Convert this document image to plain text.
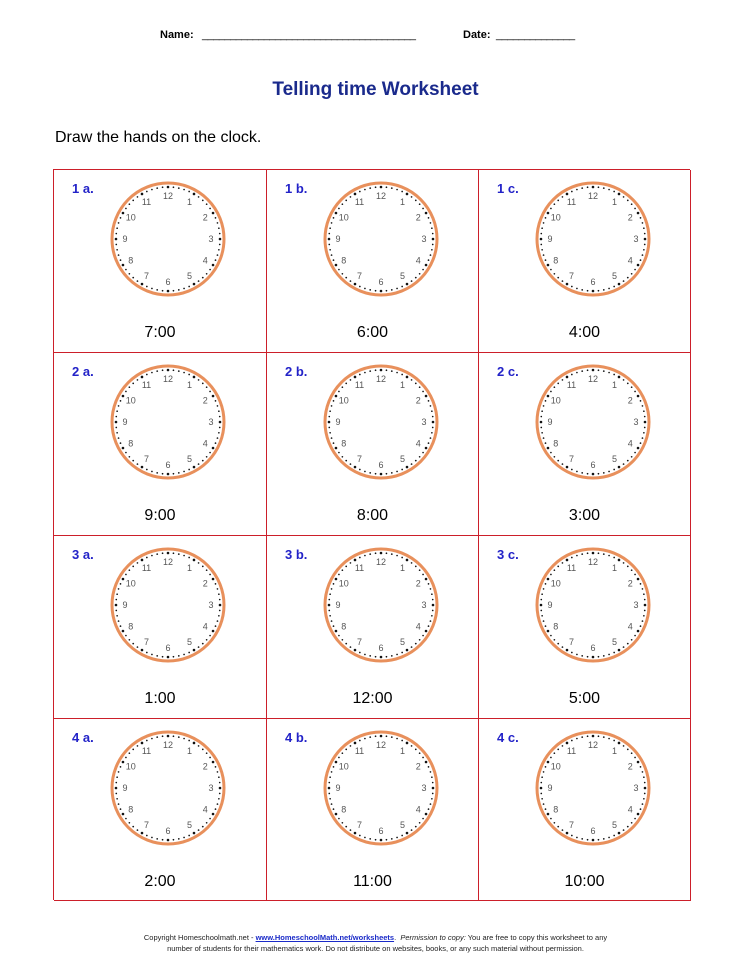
Name: ______________________________________	Date: ______________
Telling time Worksheet
Draw the hands on the clock.
1 a.	12
1
2
3
4
5
6
7
8
9
10
11
7:00
1 b.	12
1
2
3
4
5
6
7
8
9
10
11
6:00
1 c.	12
1
2
3
4
5
6
7
8
9
10
11
4:00
2 a.	12
1
2
3
4
5
6
7
8
9
10
11
9:00
2 b.	12
1
2
3
4
5
6
7
8
9
10
11
8:00
2 c.	12
1
2
3
4
5
6
7
8
9
10
11
3:00
3 a.	12
1
2
3
4
5
6
7
8
9
10
11
1:00
3 b.	12
1
2
3
4
5
6
7
8
9
10
11
12:00
3 c.	12
1
2
3
4
5
6
7
8
9
10
11
5:00
4 a.	12
1
2
3
4
5
6
7
8
9
10
11
2:00
4 b.	12
1
2
3
4
5
6
7
8
9
10
11
11:00
4 c.	12
1
2
3
4
5
6
7
8
9
10
11
10:00
Copyright Homeschoolmath.net - www.HomeschoolMath.net/worksheets.  Permission to copy: You are free to copy this worksheet to any
number of students for their mathematics work. Do not distribute on websites, books, or any such material without permission.
